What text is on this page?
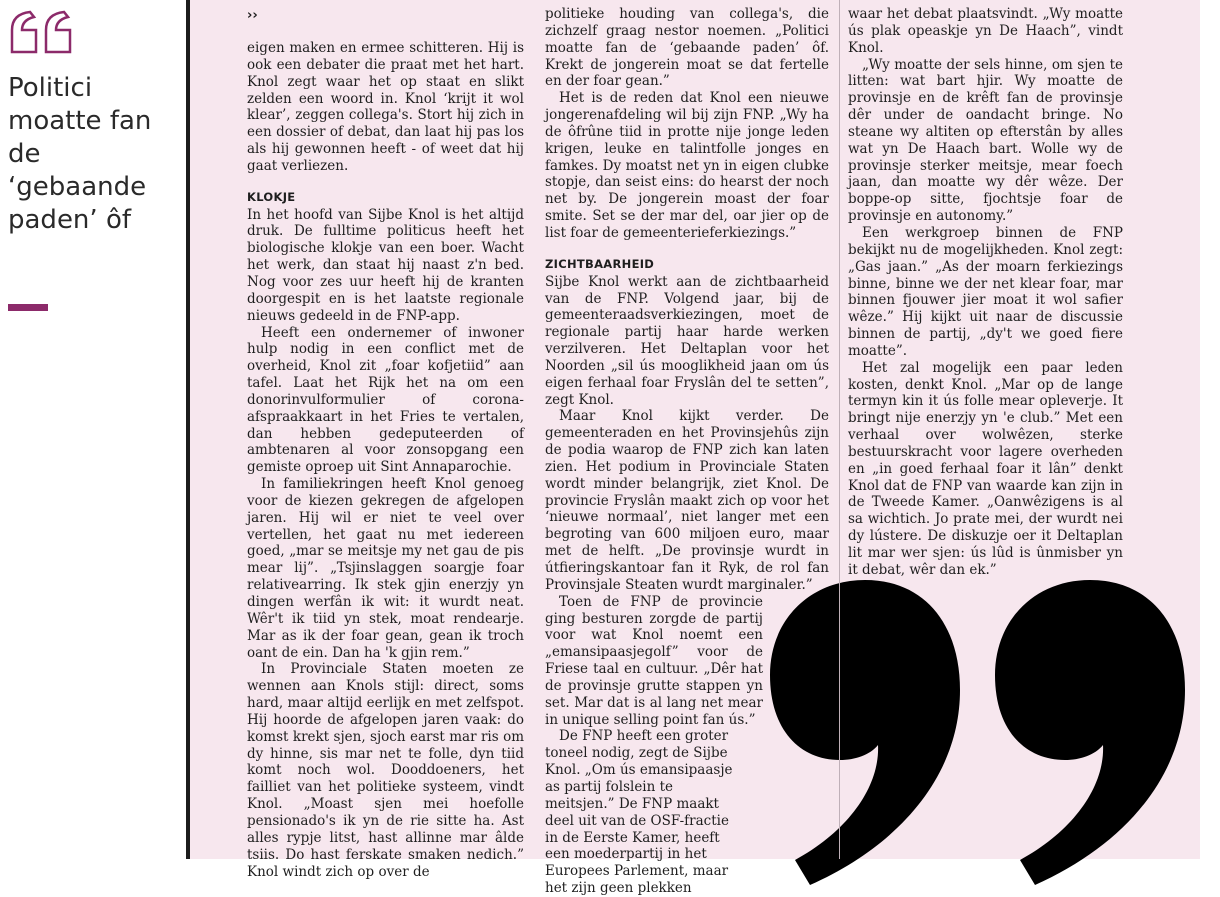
Politici moatte fan de ‘gebaande paden’ ôf
››

eigen maken en ermee schitteren. Hij is ook een debater die praat met het hart. Knol zegt waar het op staat en slikt zelden een woord in. Knol ‘krijt it wol klear’, zeggen collega's. Stort hij zich in een dossier of debat, dan laat hij pas los als hij gewonnen heeft - of weet dat hij gaat verliezen.

KLOKJE

In het hoofd van Sijbe Knol is het altijd druk. De fulltime politicus heeft het biologische klokje van een boer. Wacht het werk, dan staat hij naast z'n bed. Nog voor zes uur heeft hij de kranten doorgespit en is het laatste regionale nieuws gedeeld in de FNP-app.

Heeft een ondernemer of inwoner hulp nodig in een conflict met de overheid, Knol zit „foar kofjetiid” aan tafel. Laat het Rijk het na om een donorinvulformulier of corona-afspraakkaart in het Fries te vertalen, dan hebben gedeputeerden of ambtenaren al voor zonsopgang een gemiste oproep uit Sint Annaparochie.

In familiekringen heeft Knol genoeg voor de kiezen gekregen de afgelopen jaren. Hij wil er niet te veel over vertellen, het gaat nu met iedereen goed, „mar se meitsje my net gau de pis mear lij”. „Tsjinslaggen soargje foar relativearring. Ik stek gjin enerzjy yn dingen werfân ik wit: it wurdt neat. Wêr't ik tiid yn stek, moat rendearje. Mar as ik der foar gean, gean ik troch oant de ein. Dan ha 'k gjin rem.”

In Provinciale Staten moeten ze wennen aan Knols stijl: direct, soms hard, maar altijd eerlijk en met zelfspot. Hij hoorde de afgelopen jaren vaak: do komst krekt sjen, sjoch earst mar ris om dy hinne, sis mar net te folle, dyn tiid komt noch wol. Dooddoeners, het failliet van het politieke systeem, vindt Knol. „Moast sjen mei hoefolle pensionado's ik yn de rie sitte ha. Ast alles rypje litst, hast allinne mar âlde tsiis. Do hast ferskate smaken nedich.” Knol windt zich op over de

politieke houding van collega's, die zichzelf graag nestor noemen. „Politici moatte fan de ‘gebaande paden’ ôf. Krekt de jongerein moat se dat fertelle en der foar gean.”

Het is de reden dat Knol een nieuwe jongerenafdeling wil bij zijn FNP. „Wy ha de ôfrûne tiid in protte nije jonge leden krigen, leuke en talintfolle jonges en famkes. Dy moatst net yn in eigen clubke stopje, dan seist eins: do hearst der noch net by. De jongerein moast der foar smite. Set se der mar del, oar jier op de list foar de gemeenterieferkiezings.”

ZICHTBAARHEID

Sijbe Knol werkt aan de zichtbaarheid van de FNP. Volgend jaar, bij de gemeenteraadsverkiezingen, moet de regionale partij haar harde werken verzilveren. Het Deltaplan voor het Noorden „sil ús mooglikheid jaan om ús eigen ferhaal foar Fryslân del te setten”, zegt Knol.

Maar Knol kijkt verder. De gemeenteraden en het Provinsjehûs zijn de podia waarop de FNP zich kan laten zien. Het podium in Provinciale Staten wordt minder belangrijk, ziet Knol. De provincie Fryslân maakt zich op voor het ‘nieuwe normaal’, niet langer met een begroting van 600 miljoen euro, maar met de helft. „De provinsje wurdt in útfieringskantoar fan it Ryk, de rol fan Provinsjale Steaten wurdt marginaler.”

Toen de FNP de provincie ging besturen zorgde de partij voor wat Knol noemt een „emansipaasjegolf” voor de Friese taal en cultuur. „Dêr hat de provinsje grutte stappen yn set. Mar dat is al lang net mear in unique selling point fan ús.”

De FNP heeft een groter toneel nodig, zegt de Sijbe Knol. „Om ús emansipaasje as partij folslein te meitsjen.” De FNP maakt deel uit van de OSF-fractie in de Eerste Kamer, heeft een moederpartij in het Europees Parlement, maar het zijn geen plekken

waar het debat plaatsvindt. „Wy moatte ús plak opeaskje yn De Haach”, vindt Knol.

„Wy moatte der sels hinne, om sjen te litten: wat bart hjir. Wy moatte de provinsje en de krêft fan de provinsje dêr under de oandacht bringe. No steane wy altiten op efterstân by alles wat yn De Haach bart. Wolle wy de provinsje sterker meitsje, mear foech jaan, dan moatte wy dêr wêze. Der boppe-op sitte, fjochtsje foar de provinsje en autonomy.”

Een werkgroep binnen de FNP bekijkt nu de mogelijkheden. Knol zegt: „Gas jaan.” „As der moarn ferkiezings binne, binne we der net klear foar, mar binnen fjouwer jier moat it wol safier wêze.” Hij kijkt uit naar de discussie binnen de partij, „dy't we goed fiere moatte”.

Het zal mogelijk een paar leden kosten, denkt Knol. „Mar op de lange termyn kin it ús folle mear opleverje. It bringt nije enerzjy yn 'e club.” Met een verhaal over wolwêzen, sterke bestuurskracht voor lagere overheden en „in goed ferhaal foar it lân” denkt Knol dat de FNP van waarde kan zijn in de Tweede Kamer. „Oanwêzigens is al sa wichtich. Jo prate mei, der wurdt nei dy lústere. De diskuzje oer it Deltaplan lit mar wer sjen: ús lûd is ûnmisber yn it debat, wêr dan ek.”
